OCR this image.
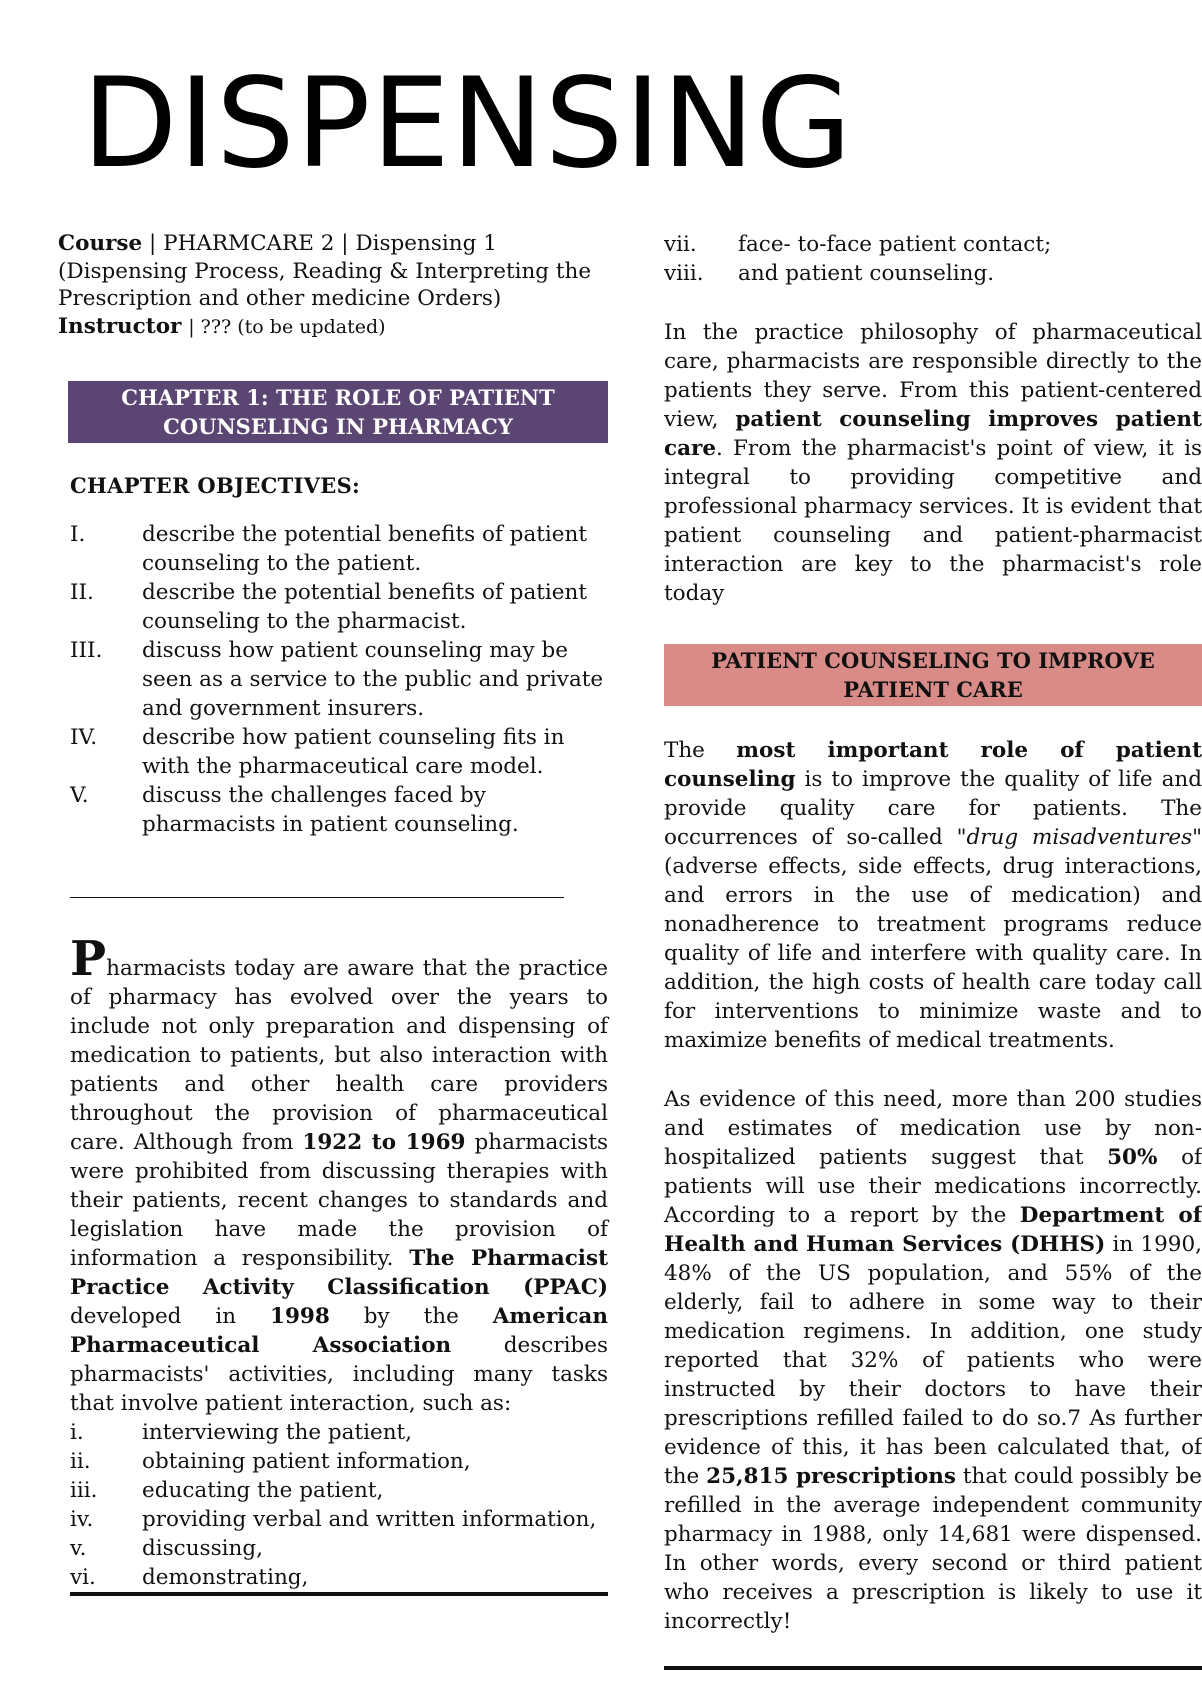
DISPENSING
Course | PHARMCARE 2 | Dispensing 1 (Dispensing Process, Reading & Interpreting the Prescription and other medicine Orders)
Instructor | ??? (to be updated)
CHAPTER 1: THE ROLE OF PATIENT COUNSELING IN PHARMACY
CHAPTER OBJECTIVES:
I.	describe the potential benefits of patient counseling to the patient.
II.	describe the potential benefits of patient counseling to the pharmacist.
III.	discuss how patient counseling may be seen as a service to the public and private and government insurers.
IV.	describe how patient counseling fits in with the pharmaceutical care model.
V.	discuss the challenges faced by pharmacists in patient counseling.

Pharmacists today are aware that the practice of pharmacy has evolved over the years to include not only preparation and dispensing of medication to patients, but also interaction with patients and other health care providers throughout the provision of pharmaceutical care. Although from 1922 to 1969 pharmacists were prohibited from discussing therapies with their patients, recent changes to standards and legislation have made the provision of information a responsibility. The Pharmacist Practice Activity Classification (PPAC) developed in 1998 by the American Pharmaceutical Association describes pharmacists' activities, including many tasks that involve patient interaction, such as:

i.	interviewing the patient,
ii.	obtaining patient information,
iii.	educating the patient,
iv.	providing verbal and written information,
v.	discussing,
vi.	demonstrating,
vii.	face- to-face patient contact;
viii.	and patient counseling.

In the practice philosophy of pharmaceutical care, pharmacists are responsible directly to the patients they serve. From this patient-centered view, patient counseling improves patient care. From the pharmacist's point of view, it is integral to providing competitive and professional pharmacy services. It is evident that patient counseling and patient-pharmacist interaction are key to the pharmacist's role today

PATIENT COUNSELING TO IMPROVE PATIENT CARE

The most important role of patient counseling is to improve the quality of life and provide quality care for patients. The occurrences of so-called "drug misadventures" (adverse effects, side effects, drug interactions, and errors in the use of medication) and nonadherence to treatment programs reduce quality of life and interfere with quality care. In addition, the high costs of health care today call for interventions to minimize waste and to maximize benefits of medical treatments.

As evidence of this need, more than 200 studies and estimates of medication use by non-hospitalized patients suggest that 50% of patients will use their medications incorrectly. According to a report by the Department of Health and Human Services (DHHS) in 1990, 48% of the US population, and 55% of the elderly, fail to adhere in some way to their medication regimens. In addition, one study reported that 32% of patients who were instructed by their doctors to have their prescriptions refilled failed to do so.7 As further evidence of this, it has been calculated that, of the 25,815 prescriptions that could possibly be refilled in the average independent community pharmacy in 1988, only 14,681 were dispensed. In other words, every second or third patient who receives a prescription is likely to use it incorrectly!
